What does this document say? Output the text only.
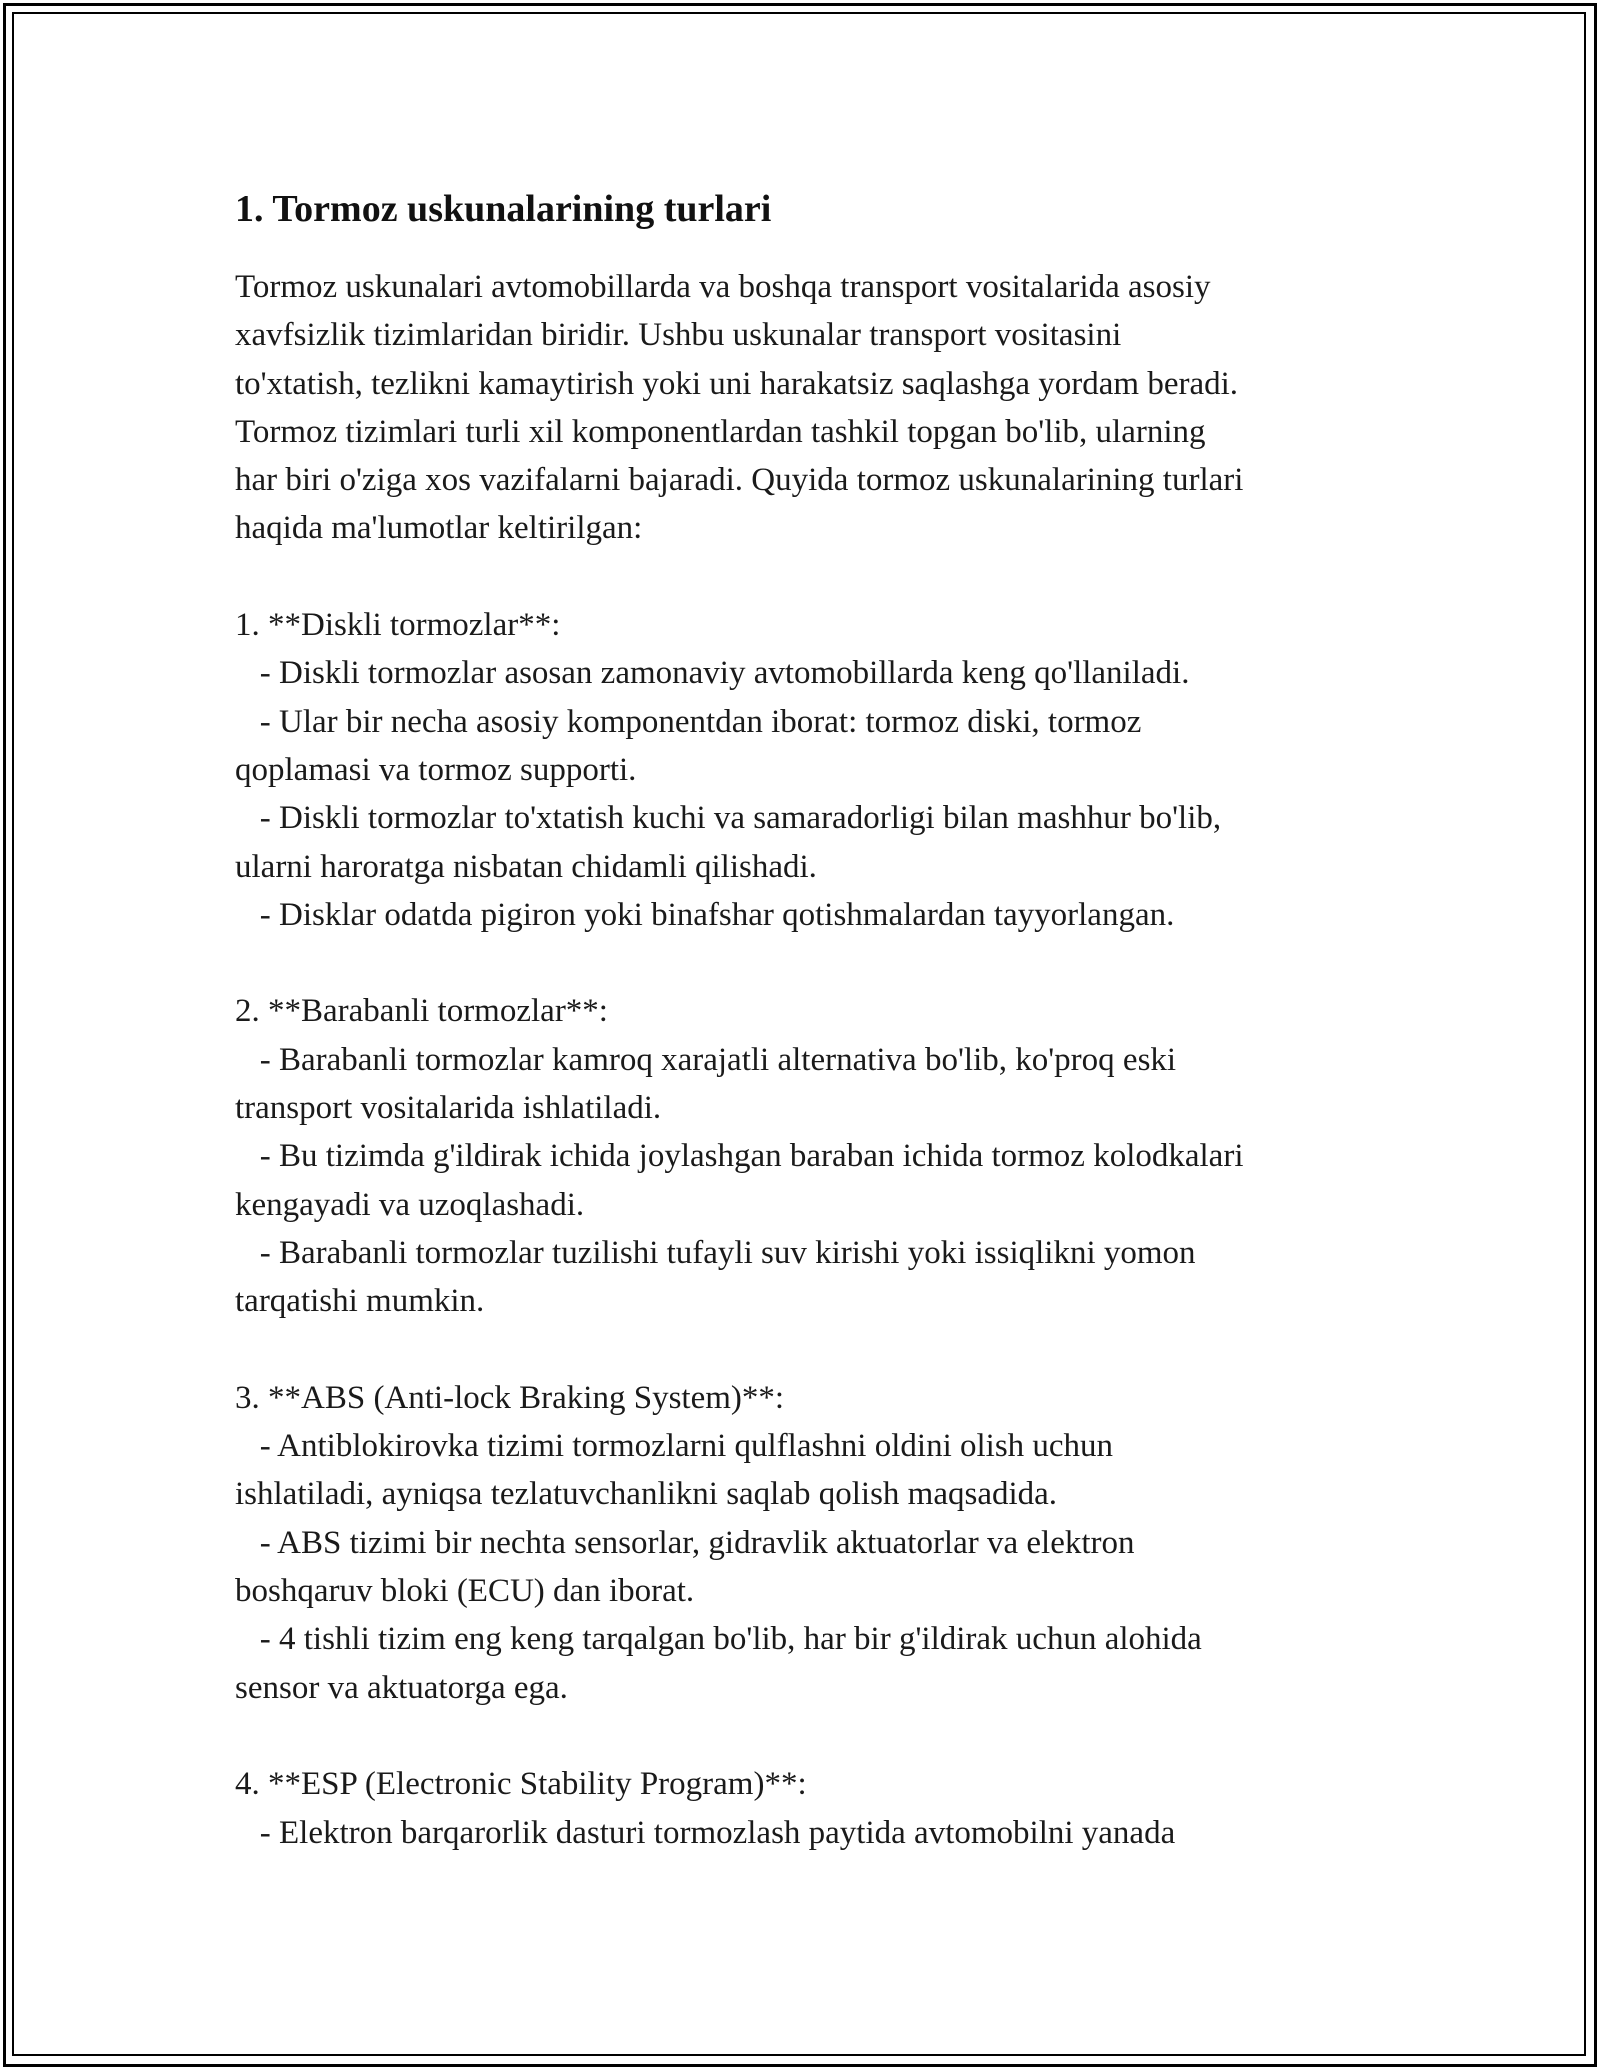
1. Tormoz uskunalarining turlari

Tormoz uskunalari avtomobillarda va boshqa transport vositalarida asosiy
xavfsizlik tizimlaridan biridir. Ushbu uskunalar transport vositasini
to'xtatish, tezlikni kamaytirish yoki uni harakatsiz saqlashga yordam beradi.
Tormoz tizimlari turli xil komponentlardan tashkil topgan bo'lib, ularning
har biri o'ziga xos vazifalarni bajaradi. Quyida tormoz uskunalarining turlari
haqida ma'lumotlar keltirilgan:

1. **Diskli tormozlar**:
- Diskli tormozlar asosan zamonaviy avtomobillarda keng qo'llaniladi.
- Ular bir necha asosiy komponentdan iborat: tormoz diski, tormoz
qoplamasi va tormoz supporti.
- Diskli tormozlar to'xtatish kuchi va samaradorligi bilan mashhur bo'lib,
ularni haroratga nisbatan chidamli qilishadi.
- Disklar odatda pigiron yoki binafshar qotishmalardan tayyorlangan.

2. **Barabanli tormozlar**:
- Barabanli tormozlar kamroq xarajatli alternativa bo'lib, ko'proq eski
transport vositalarida ishlatiladi.
- Bu tizimda g'ildirak ichida joylashgan baraban ichida tormoz kolodkalari
kengayadi va uzoqlashadi.
- Barabanli tormozlar tuzilishi tufayli suv kirishi yoki issiqlikni yomon
tarqatishi mumkin.

3. **ABS (Anti-lock Braking System)**:
- Antiblokirovka tizimi tormozlarni qulflashni oldini olish uchun
ishlatiladi, ayniqsa tezlatuvchanlikni saqlab qolish maqsadida.
- ABS tizimi bir nechta sensorlar, gidravlik aktuatorlar va elektron
boshqaruv bloki (ECU) dan iborat.
- 4 tishli tizim eng keng tarqalgan bo'lib, har bir g'ildirak uchun alohida
sensor va aktuatorga ega.

4. **ESP (Electronic Stability Program)**:
- Elektron barqarorlik dasturi tormozlash paytida avtomobilni yanada
